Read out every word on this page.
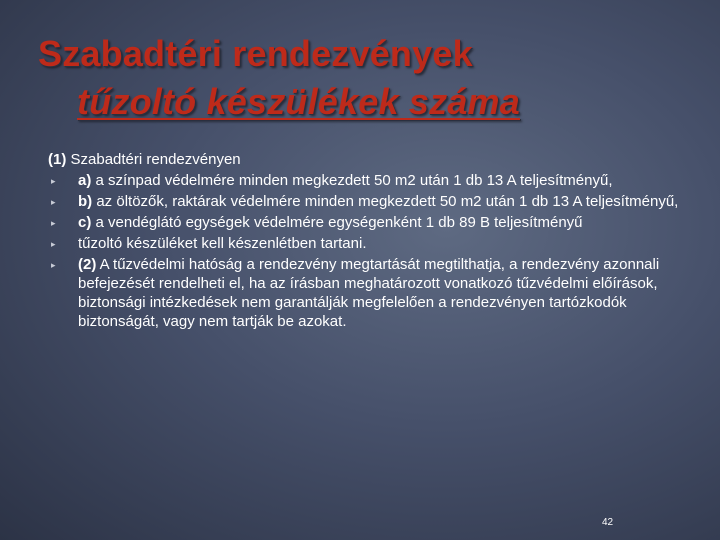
Szabadtéri rendezvények
tűzoltó készülékek száma

(1) Szabadtéri rendezvényen

▸ a) a színpad védelmére minden megkezdett 50 m2 után 1 db 13 A teljesítményű,
▸ b) az öltözők, raktárak védelmére minden megkezdett 50 m2 után 1 db 13 A teljesítményű,
▸ c) a vendéglátó egységek védelmére egységenként 1 db 89 B teljesítményű
▸ tűzoltó készüléket kell készenlétben tartani.
▸ (2) A tűzvédelmi hatóság a rendezvény megtartását megtilthatja, a rendezvény azonnali befejezését rendelheti el, ha az írásban meghatározott vonatkozó tűzvédelmi előírások, biztonsági intézkedések nem garantálják megfelelően a rendezvényen tartózkodók biztonságát, vagy nem tartják be azokat.
42
